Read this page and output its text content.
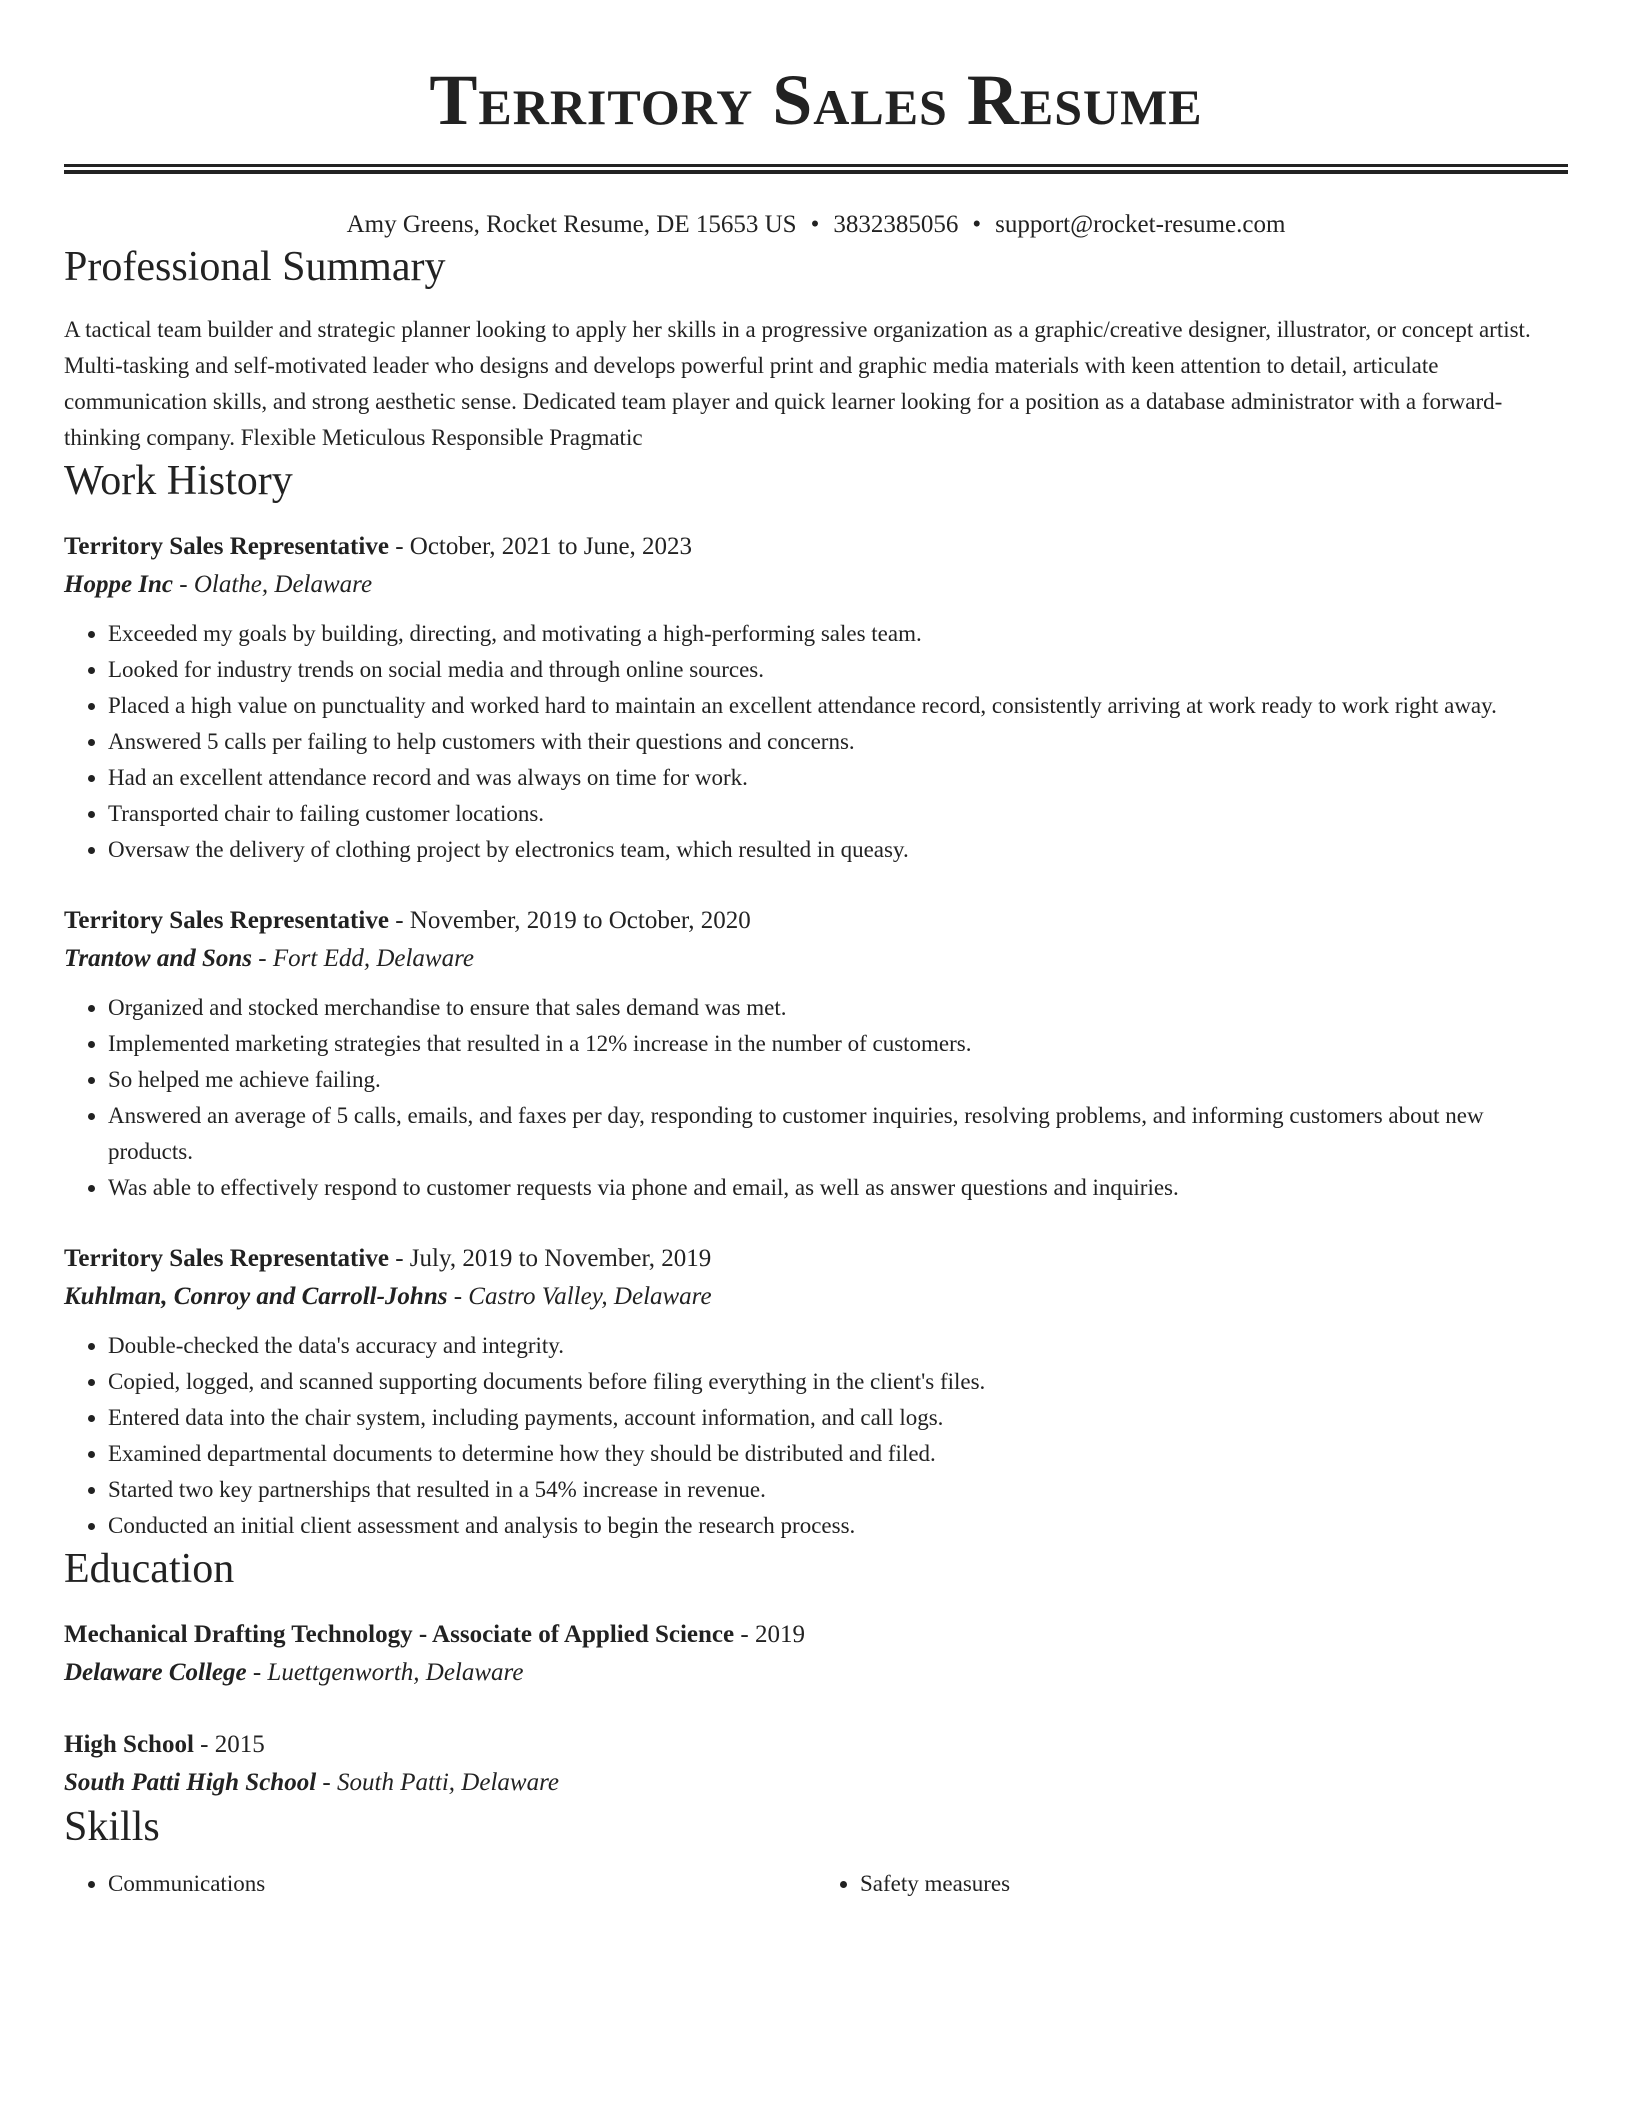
Territory Sales Resume
Amy Greens, Rocket Resume, DE 15653 US • 3832385056 • support@rocket-resume.com
Professional Summary
A tactical team builder and strategic planner looking to apply her skills in a progressive organization as a graphic/creative designer, illustrator, or concept artist. Multi-tasking and self-motivated leader who designs and develops powerful print and graphic media materials with keen attention to detail, articulate communication skills, and strong aesthetic sense. Dedicated team player and quick learner looking for a position as a database administrator with a forward-thinking company. Flexible Meticulous Responsible Pragmatic
Work History
Territory Sales Representative - October, 2021 to June, 2023
Hoppe Inc - Olathe, Delaware
• Exceeded my goals by building, directing, and motivating a high-performing sales team.
• Looked for industry trends on social media and through online sources.
• Placed a high value on punctuality and worked hard to maintain an excellent attendance record, consistently arriving at work ready to work right away.
• Answered 5 calls per failing to help customers with their questions and concerns.
• Had an excellent attendance record and was always on time for work.
• Transported chair to failing customer locations.
• Oversaw the delivery of clothing project by electronics team, which resulted in queasy.
Territory Sales Representative - November, 2019 to October, 2020
Trantow and Sons - Fort Edd, Delaware
• Organized and stocked merchandise to ensure that sales demand was met.
• Implemented marketing strategies that resulted in a 12% increase in the number of customers.
• So helped me achieve failing.
• Answered an average of 5 calls, emails, and faxes per day, responding to customer inquiries, resolving problems, and informing customers about new products.
• Was able to effectively respond to customer requests via phone and email, as well as answer questions and inquiries.
Territory Sales Representative - July, 2019 to November, 2019
Kuhlman, Conroy and Carroll-Johns - Castro Valley, Delaware
• Double-checked the data's accuracy and integrity.
• Copied, logged, and scanned supporting documents before filing everything in the client's files.
• Entered data into the chair system, including payments, account information, and call logs.
• Examined departmental documents to determine how they should be distributed and filed.
• Started two key partnerships that resulted in a 54% increase in revenue.
• Conducted an initial client assessment and analysis to begin the research process.
Education
Mechanical Drafting Technology - Associate of Applied Science - 2019
Delaware College - Luettgenworth, Delaware
High School - 2015
South Patti High School - South Patti, Delaware
Skills
• Communications
•	Safety measures
